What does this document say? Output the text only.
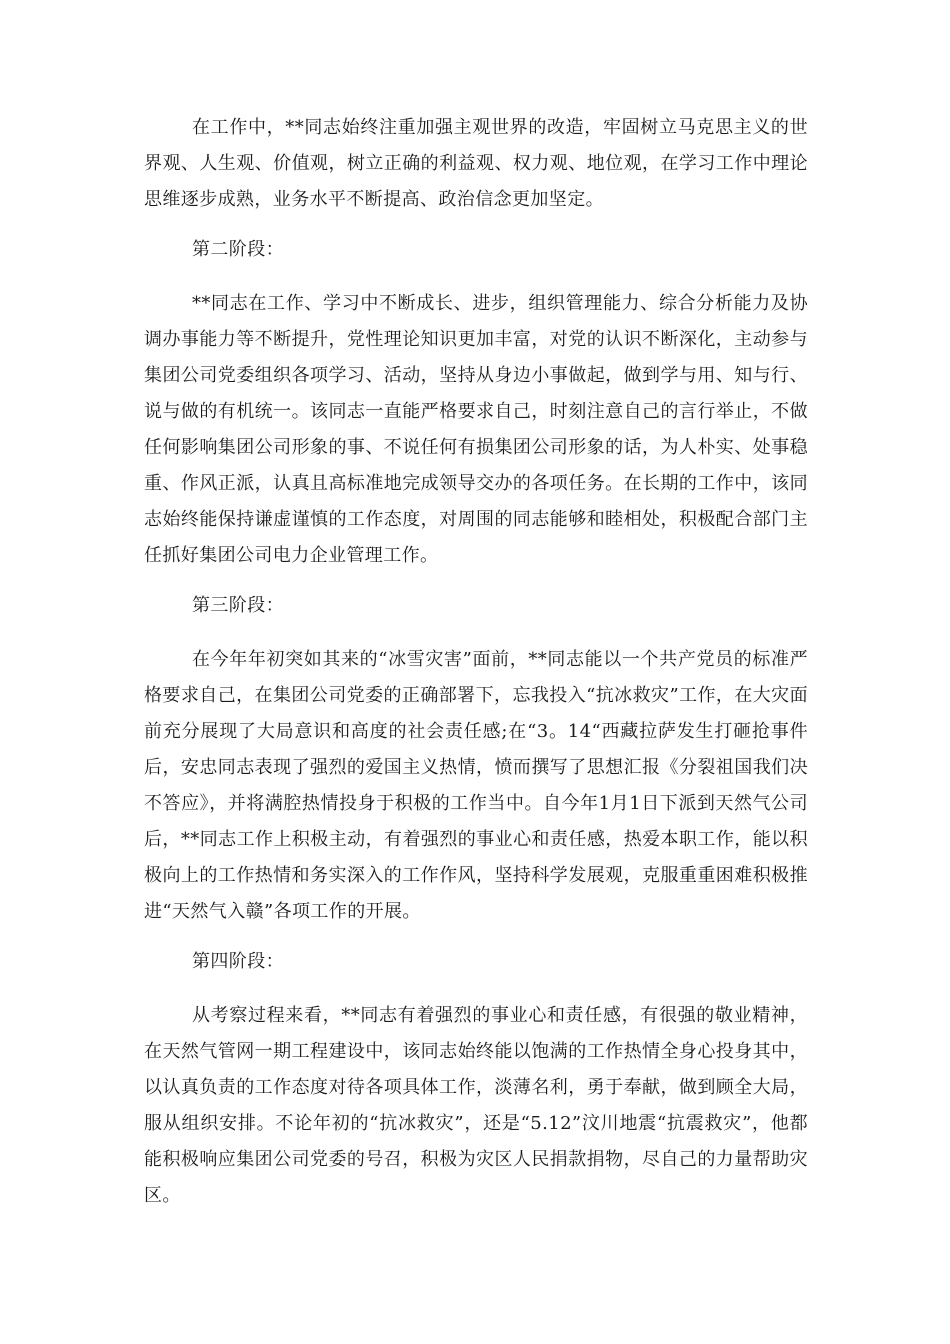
在工作中，**同志始终注重加强主观世界的改造，牢固树立马克思主义的世界观、人生观、价值观，树立正确的利益观、权力观、地位观，在学习工作中理论思维逐步成熟，业务水平不断提高、政治信念更加坚定。

第二阶段：

**同志在工作、学习中不断成长、进步，组织管理能力、综合分析能力及协调办事能力等不断提升，党性理论知识更加丰富，对党的认识不断深化，主动参与集团公司党委组织各项学习、活动，坚持从身边小事做起，做到学与用、知与行、说与做的有机统一。该同志一直能严格要求自己，时刻注意自己的言行举止，不做任何影响集团公司形象的事、不说任何有损集团公司形象的话，为人朴实、处事稳重、作风正派，认真且高标准地完成领导交办的各项任务。在长期的工作中，该同志始终能保持谦虚谨慎的工作态度，对周围的同志能够和睦相处，积极配合部门主任抓好集团公司电力企业管理工作。

第三阶段：

在今年年初突如其来的“冰雪灾害”面前，**同志能以一个共产党员的标准严格要求自己，在集团公司党委的正确部署下，忘我投入“抗冰救灾”工作，在大灾面前充分展现了大局意识和高度的社会责任感;在“3。14“西藏拉萨发生打砸抢事件后，安忠同志表现了强烈的爱国主义热情，愤而撰写了思想汇报《分裂祖国我们决不答应》，并将满腔热情投身于积极的工作当中。自今年1月1日下派到天然气公司后，**同志工作上积极主动，有着强烈的事业心和责任感，热爱本职工作，能以积极向上的工作热情和务实深入的工作作风，坚持科学发展观，克服重重困难积极推进“天然气入赣”各项工作的开展。

第四阶段：

从考察过程来看，**同志有着强烈的事业心和责任感，有很强的敬业精神，在天然气管网一期工程建设中，该同志始终能以饱满的工作热情全身心投身其中，以认真负责的工作态度对待各项具体工作，淡薄名利，勇于奉献，做到顾全大局，服从组织安排。不论年初的“抗冰救灾”，还是“5.12”汶川地震“抗震救灾”，他都能积极响应集团公司党委的号召，积极为灾区人民捐款捐物，尽自己的力量帮助灾区。
